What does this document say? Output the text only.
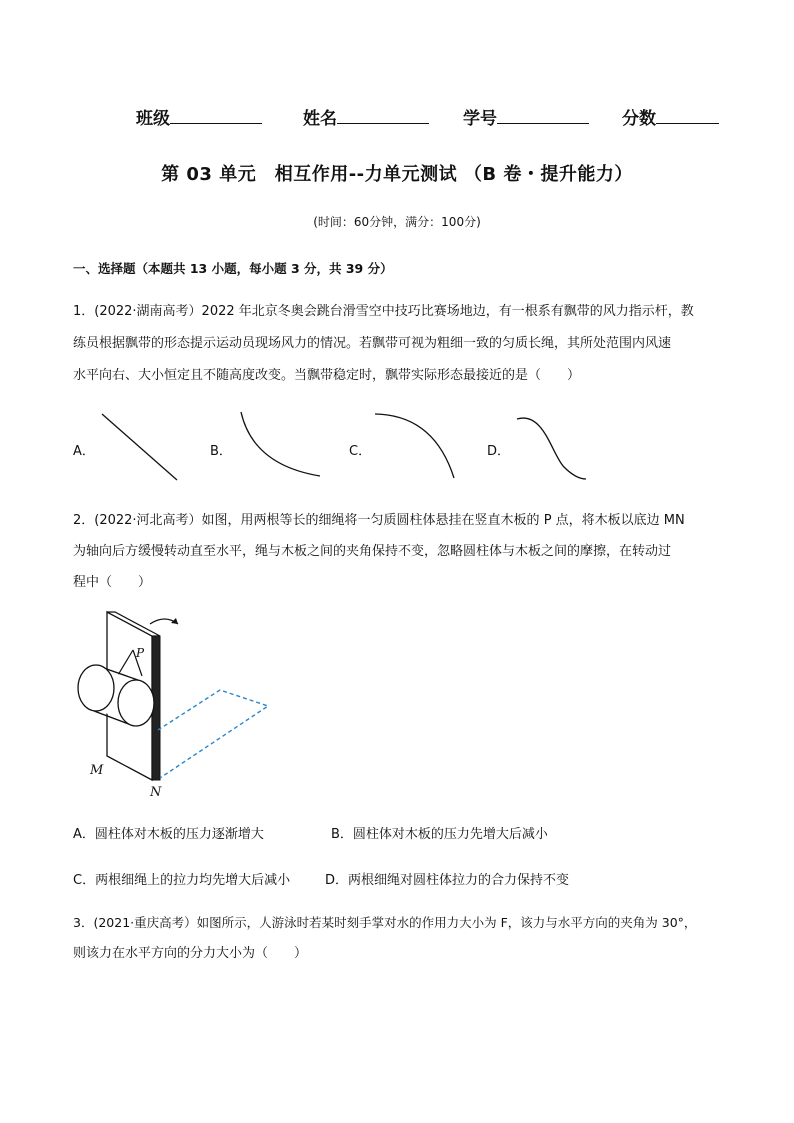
班级	姓名	学号	分数
第 03 单元　相互作用--力单元测试 （B 卷・提升能力）
(时间：60分钟，满分：100分)
一、选择题（本题共 13 小题，每小题 3 分，共 39 分）
1．(2022·湖南高考）2022 年北京冬奥会跳台滑雪空中技巧比赛场地边，有一根系有飘带的风力指示杆，教
练员根据飘带的形态提示运动员现场风力的情况。若飘带可视为粗细一致的匀质长绳，其所处范围内风速
水平向右、大小恒定且不随高度改变。当飘带稳定时，飘带实际形态最接近的是（　　）
A．	B．	C．	D．
2．(2022·河北高考）如图，用两根等长的细绳将一匀质圆柱体悬挂在竖直木板的 P 点，将木板以底边 MN
为轴向后方缓慢转动直至水平，绳与木板之间的夹角保持不变，忽略圆柱体与木板之间的摩擦，在转动过
程中（　　）
P
M
N
A．圆柱体对木板的压力逐渐增大	B．圆柱体对木板的压力先增大后减小
C．两根细绳上的拉力均先增大后减小	D．两根细绳对圆柱体拉力的合力保持不变
3．(2021·重庆高考）如图所示，人游泳时若某时刻手掌对水的作用力大小为 F，该力与水平方向的夹角为 30°，
则该力在水平方向的分力大小为（　　）
